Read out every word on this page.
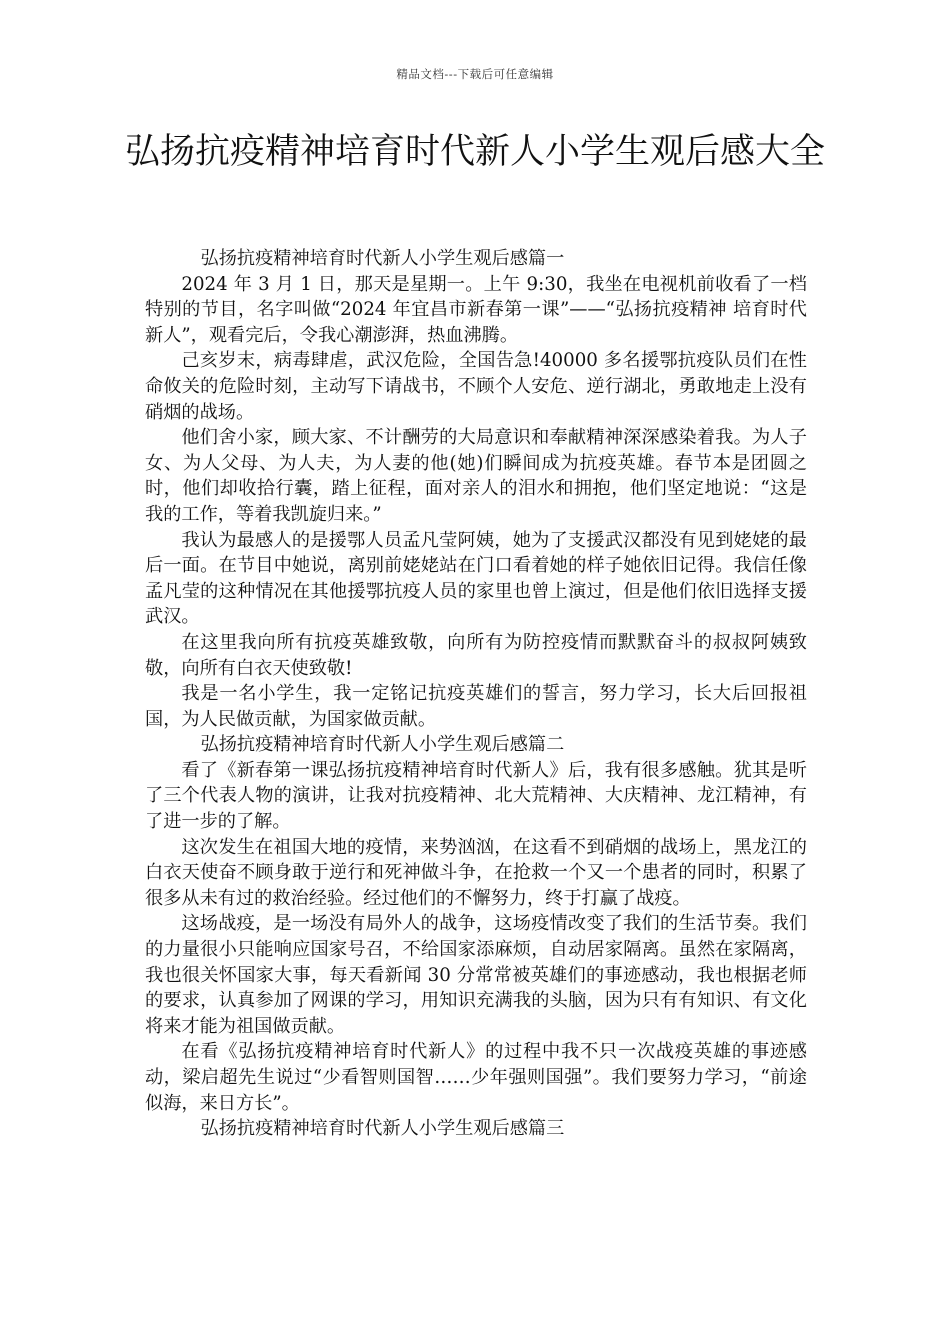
精品文档---下载后可任意编辑
弘扬抗疫精神培育时代新人小学生观后感大全

弘扬抗疫精神培育时代新人小学生观后感篇一

2024 年 3 月 1 日，那天是星期一。上午 9:30，我坐在电视机前收看了一档特别的节目，名字叫做“2024 年宜昌市新春第一课”——“弘扬抗疫精神 培育时代新人”，观看完后，令我心潮澎湃，热血沸腾。

己亥岁末，病毒肆虐，武汉危险，全国告急!40000 多名援鄂抗疫队员们在性命攸关的危险时刻，主动写下请战书，不顾个人安危、逆行湖北，勇敢地走上没有硝烟的战场。

他们舍小家，顾大家、不计酬劳的大局意识和奉献精神深深感染着我。为人子女、为人父母、为人夫，为人妻的他(她)们瞬间成为抗疫英雄。春节本是团圆之时，他们却收拾行囊，踏上征程，面对亲人的泪水和拥抱，他们坚定地说：“这是我的工作，等着我凯旋归来。”

我认为最感人的是援鄂人员孟凡莹阿姨，她为了支援武汉都没有见到姥姥的最后一面。在节目中她说，离别前姥姥站在门口看着她的样子她依旧记得。我信任像孟凡莹的这种情况在其他援鄂抗疫人员的家里也曾上演过，但是他们依旧选择支援武汉。

在这里我向所有抗疫英雄致敬，向所有为防控疫情而默默奋斗的叔叔阿姨致敬，向所有白衣天使致敬!

我是一名小学生，我一定铭记抗疫英雄们的誓言，努力学习，长大后回报祖国，为人民做贡献，为国家做贡献。

弘扬抗疫精神培育时代新人小学生观后感篇二

看了《新春第一课弘扬抗疫精神培育时代新人》后，我有很多感触。犹其是听了三个代表人物的演讲，让我对抗疫精神、北大荒精神、大庆精神、龙江精神，有了进一步的了解。

这次发生在祖国大地的疫情，来势汹汹，在这看不到硝烟的战场上，黑龙江的白衣天使奋不顾身敢于逆行和死神做斗争，在抢救一个又一个患者的同时，积累了很多从未有过的救治经验。经过他们的不懈努力，终于打赢了战疫。

这场战疫，是一场没有局外人的战争，这场疫情改变了我们的生活节奏。我们的力量很小只能响应国家号召，不给国家添麻烦，自动居家隔离。虽然在家隔离，我也很关怀国家大事，每天看新闻 30 分常常被英雄们的事迹感动，我也根据老师的要求，认真参加了网课的学习，用知识充满我的头脑，因为只有有知识、有文化将来才能为祖国做贡献。

在看《弘扬抗疫精神培育时代新人》的过程中我不只一次战疫英雄的事迹感动，梁启超先生说过“少看智则国智……少年强则国强”。我们要努力学习，“前途似海，来日方长”。

弘扬抗疫精神培育时代新人小学生观后感篇三
